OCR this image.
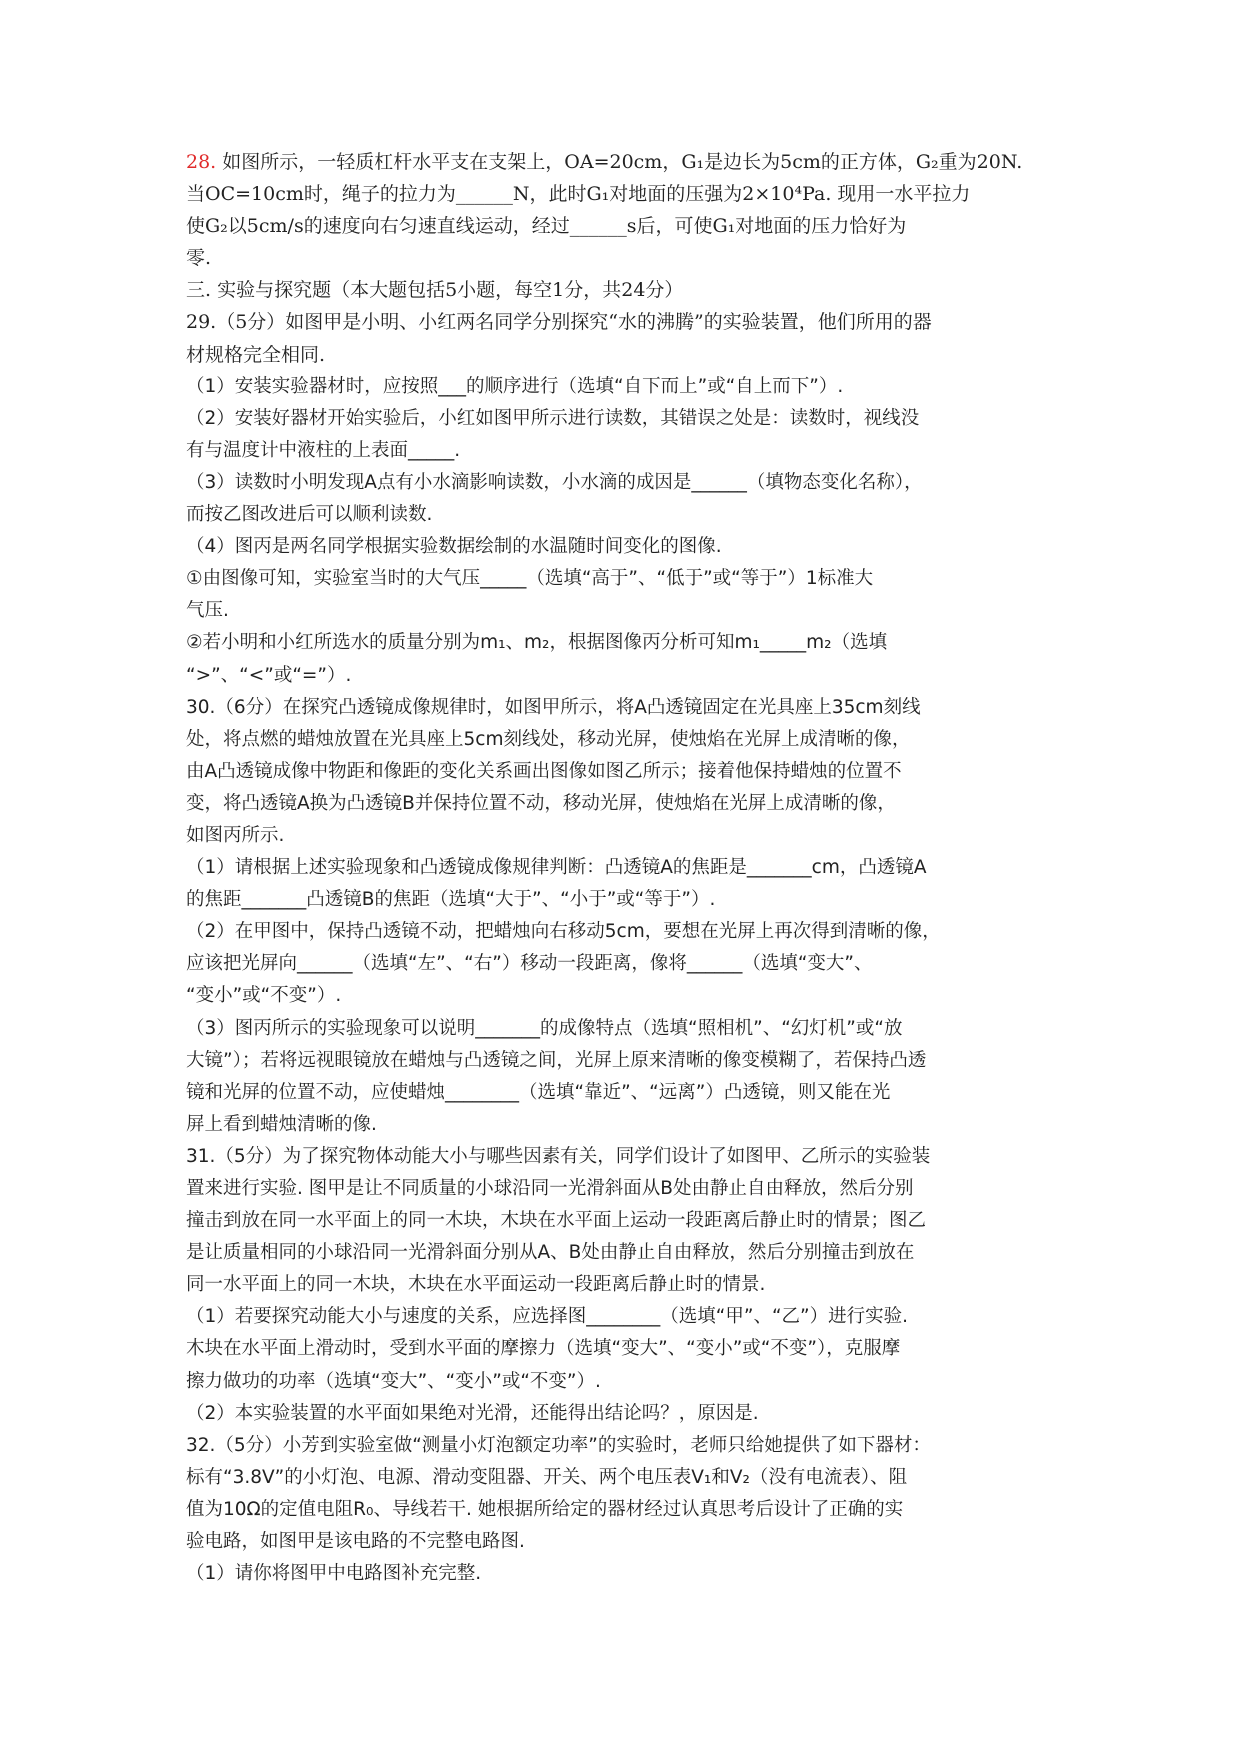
28. 如图所示，一轻质杠杆水平支在支架上，OA=20cm，G₁是边长为5cm的正方体，G₂重为20N.
当OC=10cm时，绳子的拉力为______N，此时G₁对地面的压强为2×10⁴Pa. 现用一水平拉力
使G₂以5cm/s的速度向右匀速直线运动，经过______s后，可使G₁对地面的压力恰好为
零.
三. 实验与探究题（本大题包括5小题，每空1分，共24分）
29.（5分）如图甲是小明、小红两名同学分别探究“水的沸腾”的实验装置，他们所用的器
材规格完全相同.
（1）安装实验器材时，应按照___的顺序进行（选填“自下而上”或“自上而下”）.
（2）安装好器材开始实验后，小红如图甲所示进行读数，其错误之处是：读数时，视线没
有与温度计中液柱的上表面_____.
（3）读数时小明发现A点有小水滴影响读数，小水滴的成因是______（填物态变化名称），
而按乙图改进后可以顺利读数.
（4）图丙是两名同学根据实验数据绘制的水温随时间变化的图像.
①由图像可知，实验室当时的大气压_____（选填“高于”、“低于”或“等于”）1标准大
气压.
②若小明和小红所选水的质量分别为m₁、m₂，根据图像丙分析可知m₁_____m₂（选填
“>”、“<”或“=”）.
30.（6分）在探究凸透镜成像规律时，如图甲所示，将A凸透镜固定在光具座上35cm刻线
处，将点燃的蜡烛放置在光具座上5cm刻线处，移动光屏，使烛焰在光屏上成清晰的像，
由A凸透镜成像中物距和像距的变化关系画出图像如图乙所示；接着他保持蜡烛的位置不
变，将凸透镜A换为凸透镜B并保持位置不动，移动光屏，使烛焰在光屏上成清晰的像，
如图丙所示.
（1）请根据上述实验现象和凸透镜成像规律判断：凸透镜A的焦距是_______cm，凸透镜A
的焦距_______凸透镜B的焦距（选填“大于”、“小于”或“等于”）.
（2）在甲图中，保持凸透镜不动，把蜡烛向右移动5cm，要想在光屏上再次得到清晰的像，
应该把光屏向______（选填“左”、“右”）移动一段距离，像将______（选填“变大”、
“变小”或“不变”）.
（3）图丙所示的实验现象可以说明_______的成像特点（选填“照相机”、“幻灯机”或“放
大镜”）；若将远视眼镜放在蜡烛与凸透镜之间，光屏上原来清晰的像变模糊了，若保持凸透
镜和光屏的位置不动，应使蜡烛________（选填“靠近”、“远离”）凸透镜，则又能在光
屏上看到蜡烛清晰的像.
31.（5分）为了探究物体动能大小与哪些因素有关，同学们设计了如图甲、乙所示的实验装
置来进行实验. 图甲是让不同质量的小球沿同一光滑斜面从B处由静止自由释放，然后分别
撞击到放在同一水平面上的同一木块，木块在水平面上运动一段距离后静止时的情景；图乙
是让质量相同的小球沿同一光滑斜面分别从A、B处由静止自由释放，然后分别撞击到放在
同一水平面上的同一木块，木块在水平面运动一段距离后静止时的情景.
（1）若要探究动能大小与速度的关系，应选择图________（选填“甲”、“乙”）进行实验.
木块在水平面上滑动时，受到水平面的摩擦力（选填“变大”、“变小”或“不变”），克服摩
擦力做功的功率（选填“变大”、“变小”或“不变”）.
（2）本实验装置的水平面如果绝对光滑，还能得出结论吗？，原因是.
32.（5分）小芳到实验室做“测量小灯泡额定功率”的实验时，老师只给她提供了如下器材：
标有“3.8V”的小灯泡、电源、滑动变阻器、开关、两个电压表V₁和V₂（没有电流表）、阻
值为10Ω的定值电阻R₀、导线若干. 她根据所给定的器材经过认真思考后设计了正确的实
验电路，如图甲是该电路的不完整电路图.
（1）请你将图甲中电路图补充完整.
